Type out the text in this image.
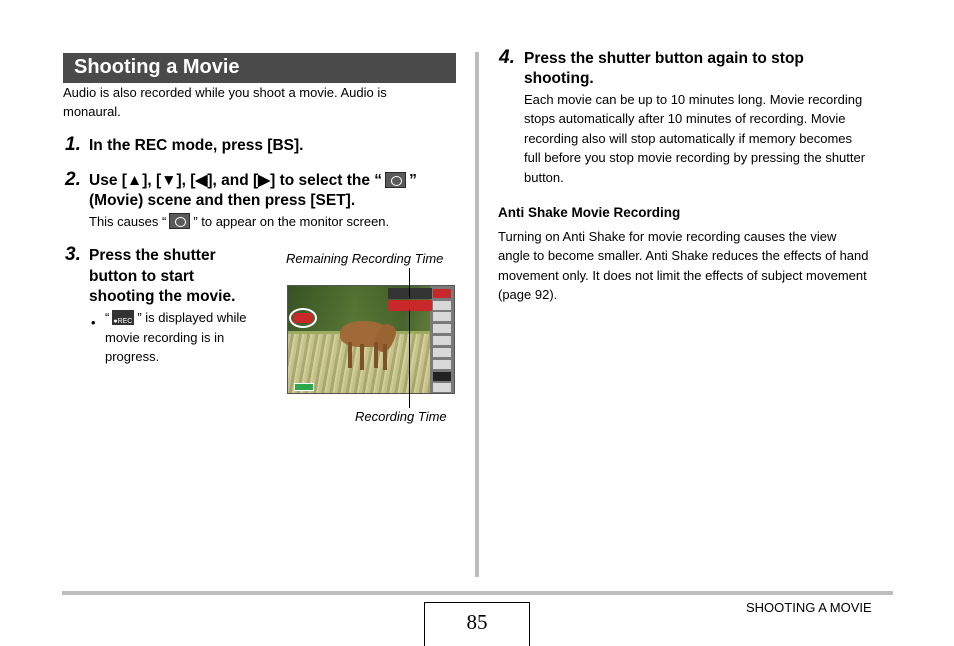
Shooting a Movie
Audio is also recorded while you shoot a movie. Audio is
monaural.
1. In the REC mode, press [BS].
2. Use [▲], [▼], [◀], and [▶] to select the “ ”
(Movie) scene and then press [SET].
This causes “ ” to appear on the monitor screen.
3. Press the shutter
button to start
shooting the movie.
• “●REC ” is displayed while
movie recording is in
progress.
Remaining Recording Time
Recording Time
4. Press the shutter button again to stop
shooting.
Each movie can be up to 10 minutes long. Movie recording
stops automatically after 10 minutes of recording. Movie
recording also will stop automatically if memory becomes
full before you stop movie recording by pressing the shutter
button.
Anti Shake Movie Recording
Turning on Anti Shake for movie recording causes the view
angle to become smaller. Anti Shake reduces the effects of hand
movement only. It does not limit the effects of subject movement
(page 92).
85
SHOOTING A MOVIE
